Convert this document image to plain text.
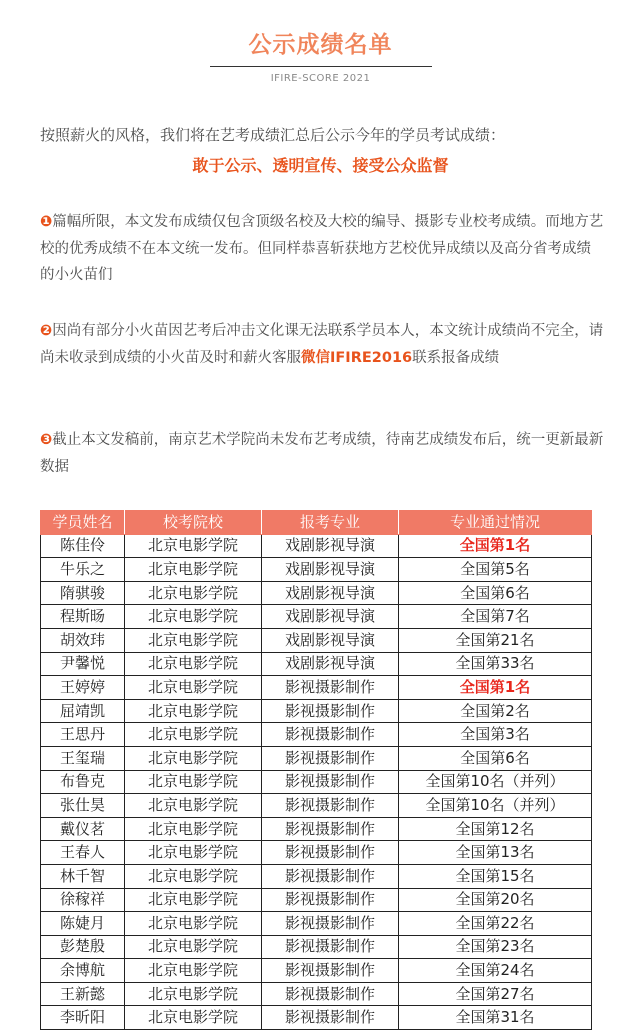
公示成绩名单
IFIRE-SCORE 2021
按照薪火的风格，我们将在艺考成绩汇总后公示今年的学员考试成绩：
敢于公示、透明宣传、接受公众监督
❶篇幅所限，本文发布成绩仅包含顶级名校及大校的编导、摄影专业校考成绩。而地方艺校的优秀成绩不在本文统一发布。但同样恭喜斩获地方艺校优异成绩以及高分省考成绩的小火苗们
❷因尚有部分小火苗因艺考后冲击文化课无法联系学员本人，本文统计成绩尚不完全，请尚未收录到成绩的小火苗及时和薪火客服微信IFIRE2016联系报备成绩
❸截止本文发稿前，南京艺术学院尚未发布艺考成绩，待南艺成绩发布后，统一更新最新数据
学员姓名	校考院校	报考专业	专业通过情况
陈佳伶	北京电影学院	戏剧影视导演	全国第1名
牛乐之	北京电影学院	戏剧影视导演	全国第5名
隋骐骏	北京电影学院	戏剧影视导演	全国第6名
程斯旸	北京电影学院	戏剧影视导演	全国第7名
胡效玮	北京电影学院	戏剧影视导演	全国第21名
尹馨悦	北京电影学院	戏剧影视导演	全国第33名
王婷婷	北京电影学院	影视摄影制作	全国第1名
屈靖凯	北京电影学院	影视摄影制作	全国第2名
王思丹	北京电影学院	影视摄影制作	全国第3名
王玺瑞	北京电影学院	影视摄影制作	全国第6名
布鲁克	北京电影学院	影视摄影制作	全国第10名（并列）
张仕昊	北京电影学院	影视摄影制作	全国第10名（并列）
戴仪茗	北京电影学院	影视摄影制作	全国第12名
王春人	北京电影学院	影视摄影制作	全国第13名
林千智	北京电影学院	影视摄影制作	全国第15名
徐稼祥	北京电影学院	影视摄影制作	全国第20名
陈婕月	北京电影学院	影视摄影制作	全国第22名
彭楚殷	北京电影学院	影视摄影制作	全国第23名
余博航	北京电影学院	影视摄影制作	全国第24名
王新懿	北京电影学院	影视摄影制作	全国第27名
李昕阳	北京电影学院	影视摄影制作	全国第31名
